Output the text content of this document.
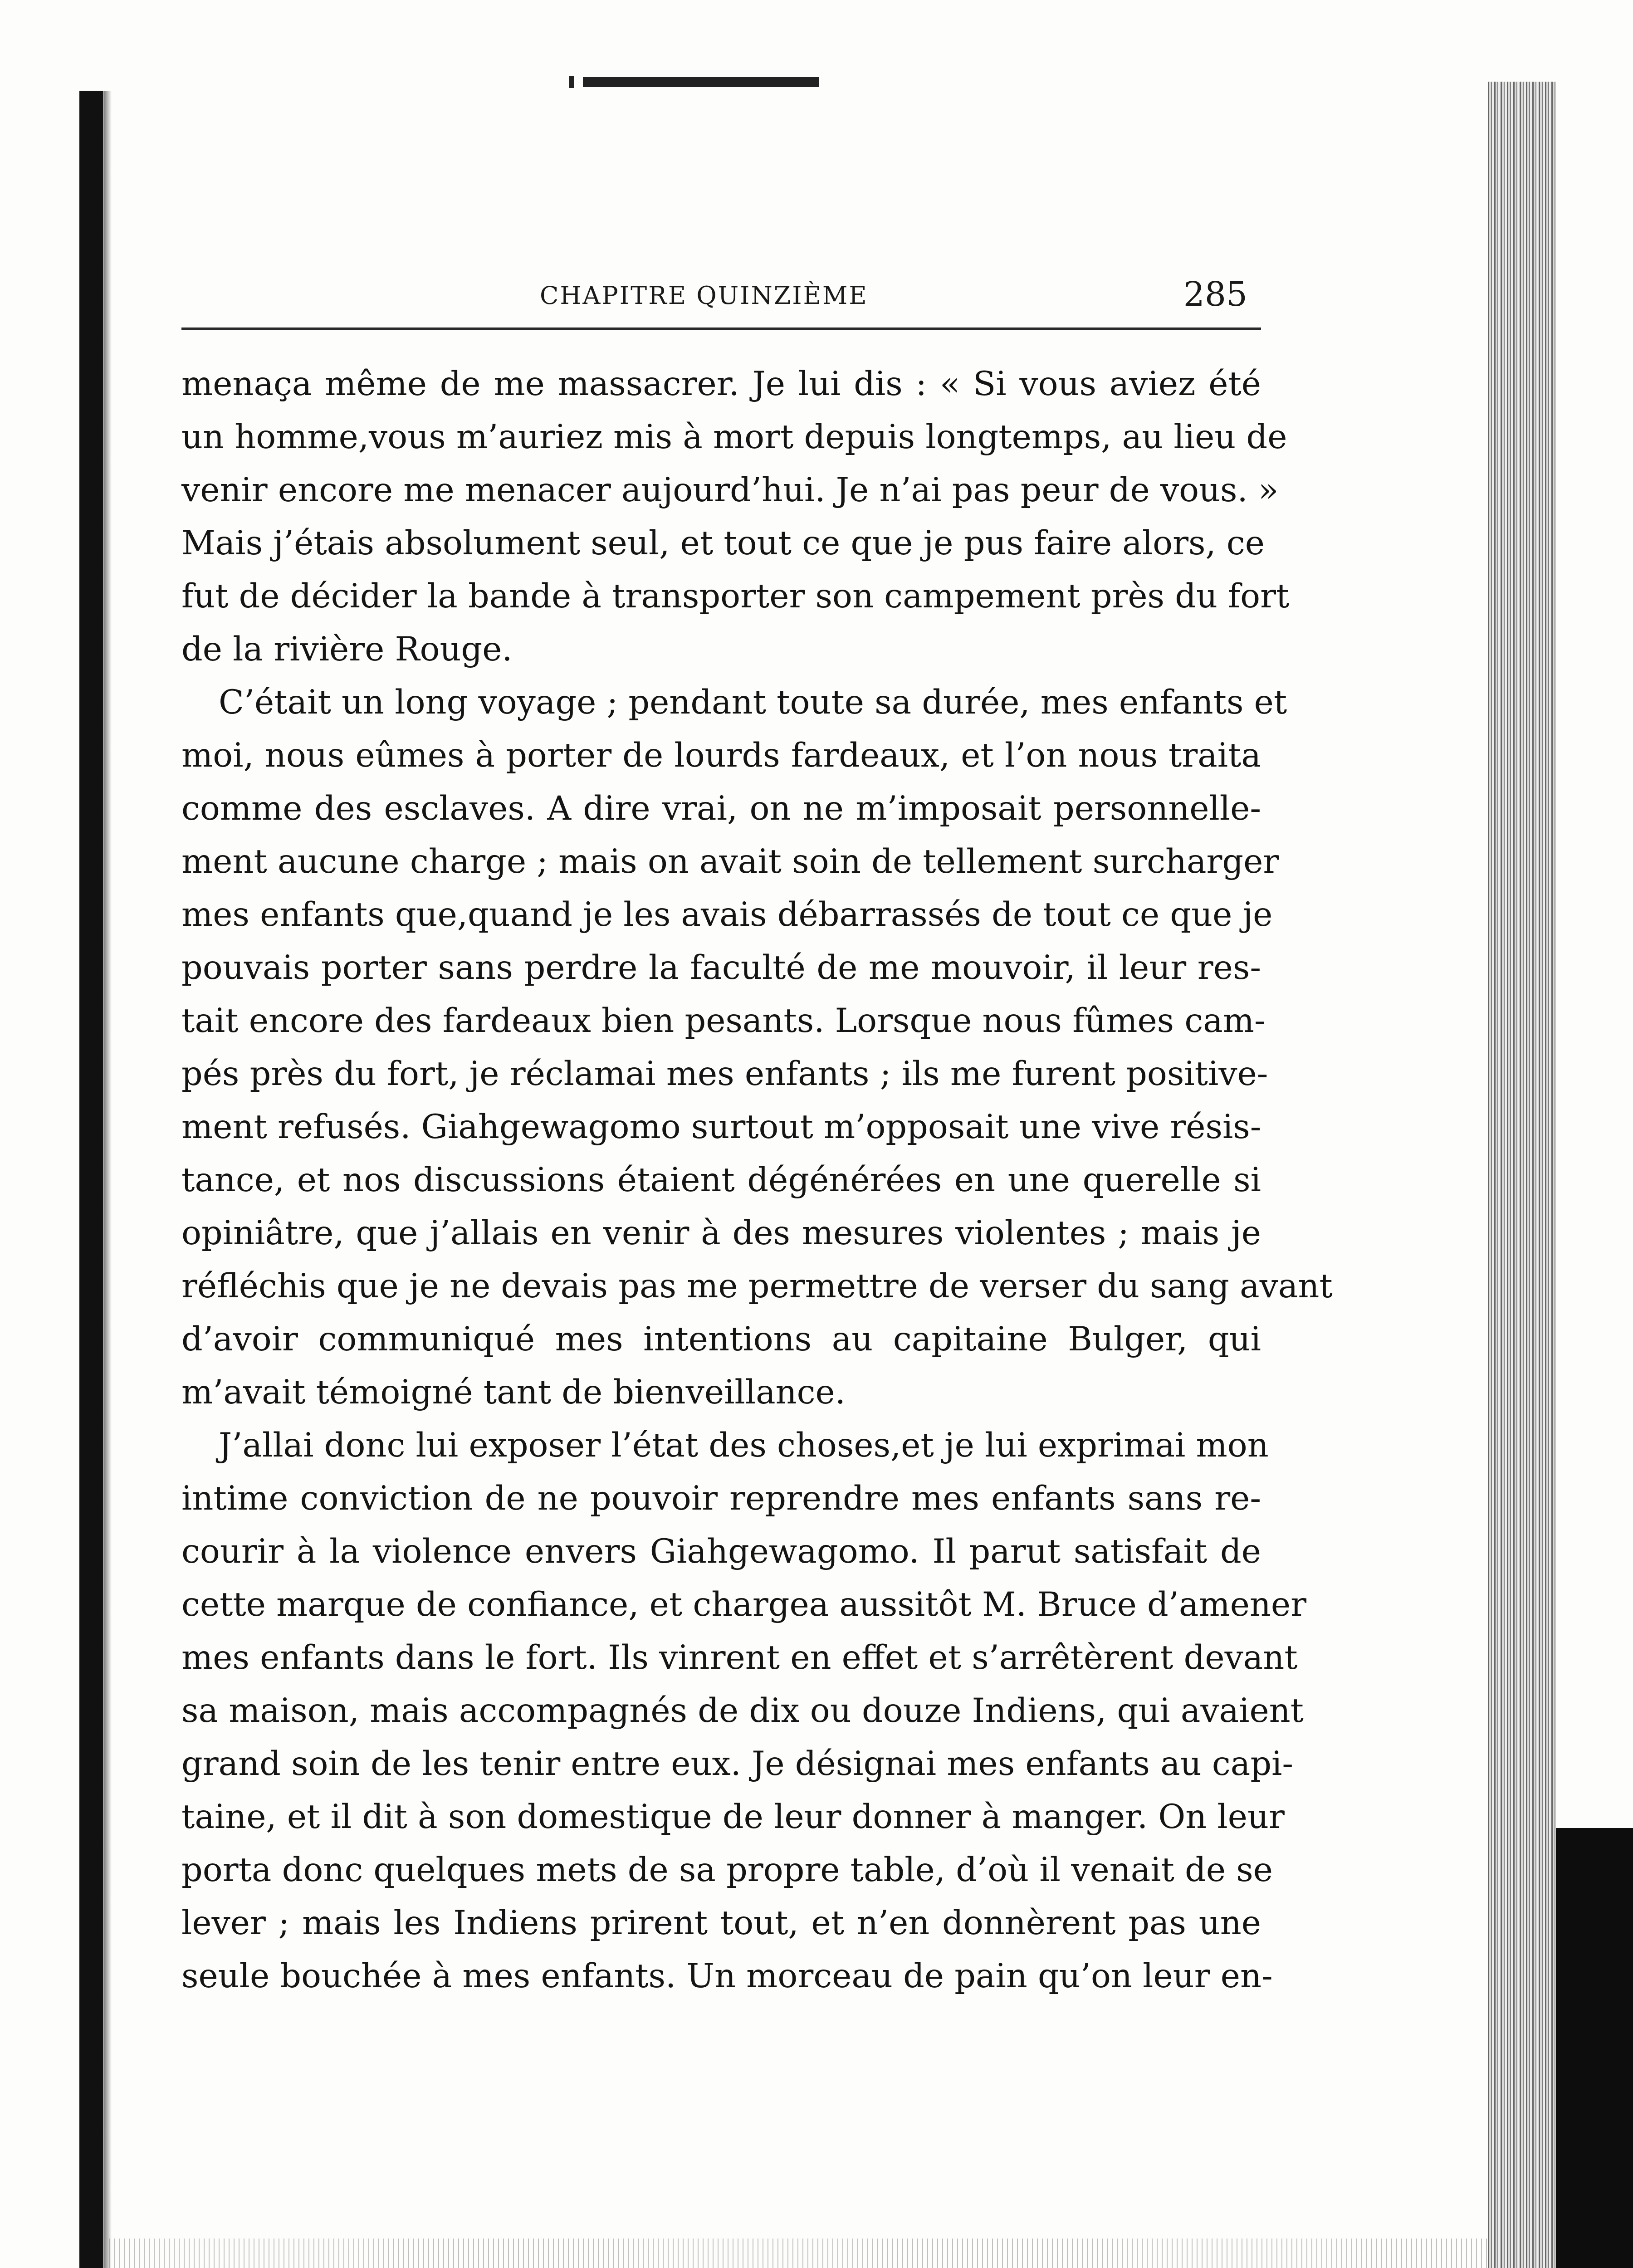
CHAPITRE QUINZIÈME	285
menaça même de me massacrer. Je lui dis : « Si vous aviez été
un homme,vous m’auriez mis à mort depuis longtemps, au lieu de
venir encore me menacer aujourd’hui. Je n’ai pas peur de vous. »
Mais j’étais absolument seul, et tout ce que je pus faire alors, ce
fut de décider la bande à transporter son campement près du fort
de la rivière Rouge.
C’était un long voyage ; pendant toute sa durée, mes enfants et
moi, nous eûmes à porter de lourds fardeaux, et l’on nous traita
comme des esclaves. A dire vrai, on ne m’imposait personnelle-
ment aucune charge ; mais on avait soin de tellement surcharger
mes enfants que,quand je les avais débarrassés de tout ce que je
pouvais porter sans perdre la faculté de me mouvoir, il leur res-
tait encore des fardeaux bien pesants. Lorsque nous fûmes cam-
pés près du fort, je réclamai mes enfants ; ils me furent positive-
ment refusés. Giahgewagomo surtout m’opposait une vive résis-
tance, et nos discussions étaient dégénérées en une querelle si
opiniâtre, que j’allais en venir à des mesures violentes ; mais je
réfléchis que je ne devais pas me permettre de verser du sang avant
d’avoir communiqué mes intentions au capitaine Bulger, qui
m’avait témoigné tant de bienveillance.
J’allai donc lui exposer l’état des choses,et je lui exprimai mon
intime conviction de ne pouvoir reprendre mes enfants sans re-
courir à la violence envers Giahgewagomo. Il parut satisfait de
cette marque de confiance, et chargea aussitôt M. Bruce d’amener
mes enfants dans le fort. Ils vinrent en effet et s’arrêtèrent devant
sa maison, mais accompagnés de dix ou douze Indiens, qui avaient
grand soin de les tenir entre eux. Je désignai mes enfants au capi-
taine, et il dit à son domestique de leur donner à manger. On leur
porta donc quelques mets de sa propre table, d’où il venait de se
lever ; mais les Indiens prirent tout, et n’en donnèrent pas une
seule bouchée à mes enfants. Un morceau de pain qu’on leur en-
